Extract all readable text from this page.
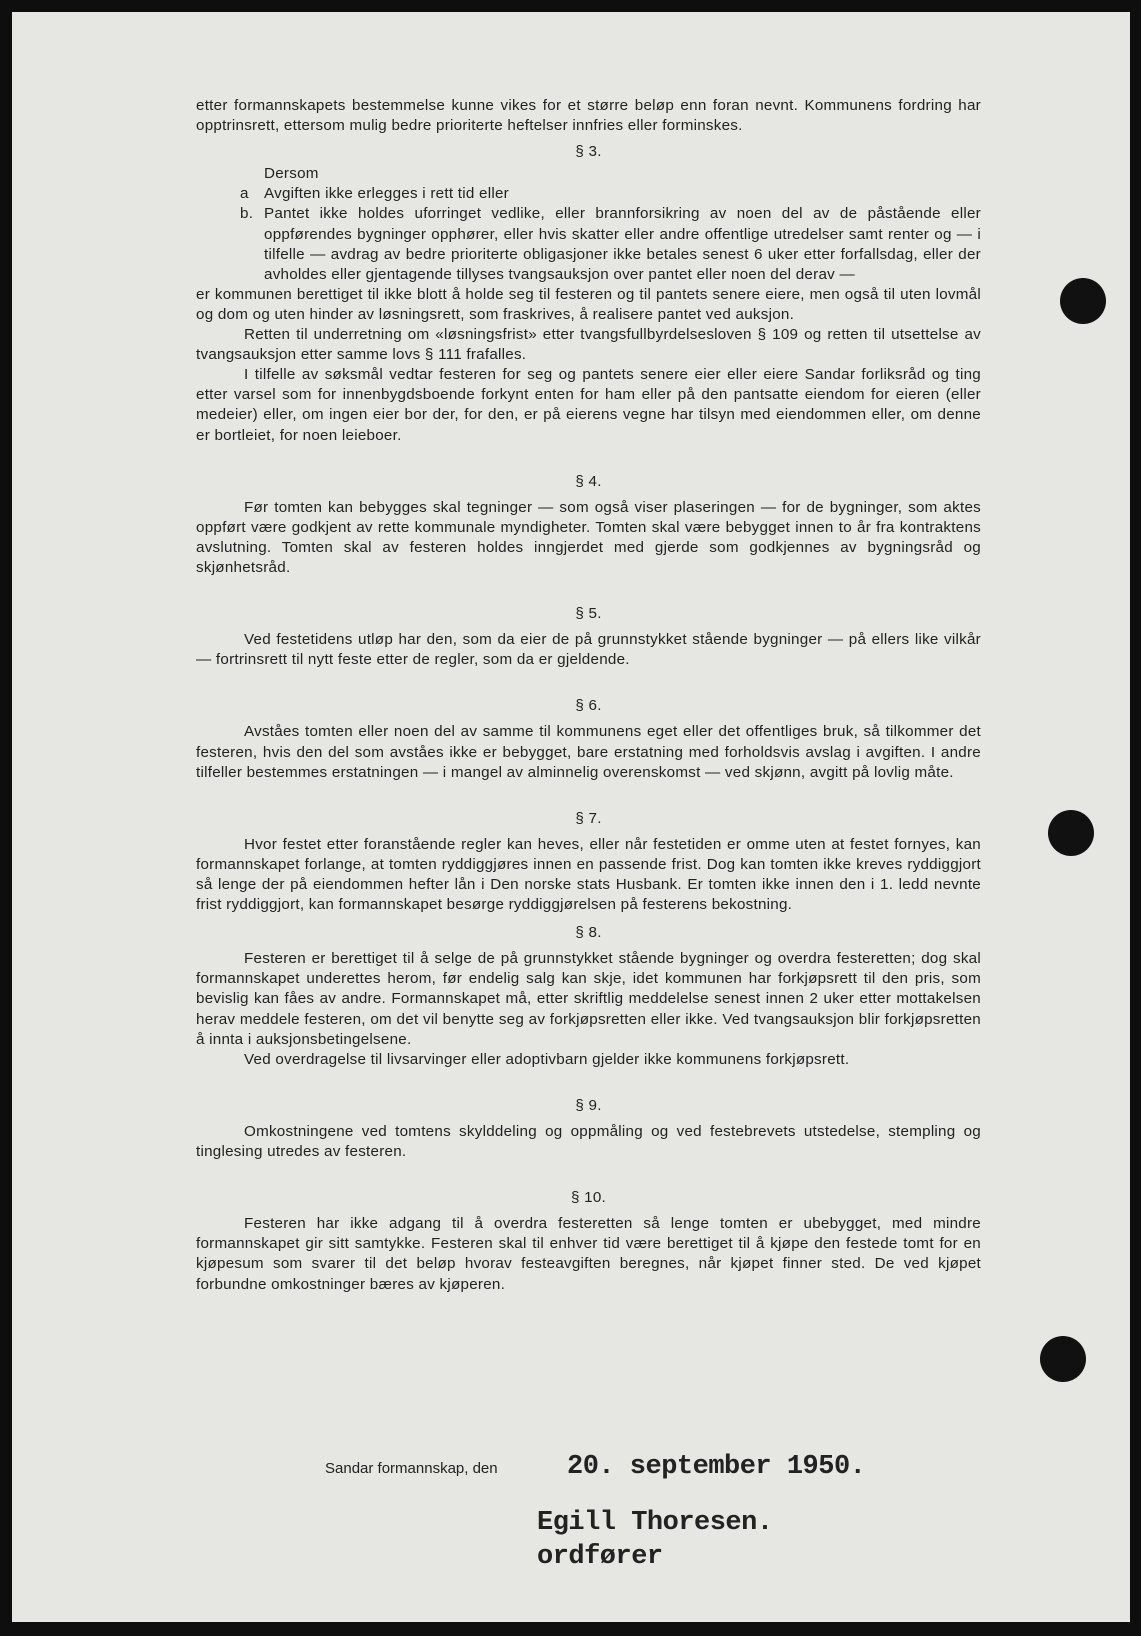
etter formannskapets bestemmelse kunne vikes for et større beløp enn foran nevnt. Kommunens fordring har opptrinsrett, ettersom mulig bedre prioriterte heftelser innfries eller forminskes.

§ 3.
Dersom
a	Avgiften ikke erlegges i rett tid eller
b. Pantet ikke holdes uforringet vedlike, eller brannforsikring av noen del av de påstående eller oppførendes bygninger opphører, eller hvis skatter eller andre offentlige utredelser samt renter og — i tilfelle — avdrag av bedre prioriterte obligasjoner ikke betales senest 6 uker etter forfallsdag, eller der avholdes eller gjentagende tillyses tvangsauksjon over pantet eller noen del derav —

er kommunen berettiget til ikke blott å holde seg til festeren og til pantets senere eiere, men også til uten lovmål og dom og uten hinder av løsningsrett, som fraskrives, å realisere pantet ved auksjon.

Retten til underretning om «løsningsfrist» etter tvangsfullbyrdelsesloven § 109 og retten til utsettelse av tvangsauksjon etter samme lovs § 111 frafalles.

I tilfelle av søksmål vedtar festeren for seg og pantets senere eier eller eiere Sandar forliksråd og ting etter varsel som for innenbygdsboende forkynt enten for ham eller på den pantsatte eiendom for eieren (eller medeier) eller, om ingen eier bor der, for den, er på eierens vegne har tilsyn med eiendommen eller, om denne er bortleiet, for noen leieboer.

§ 4.

Før tomten kan bebygges skal tegninger — som også viser plaseringen — for de bygninger, som aktes oppført være godkjent av rette kommunale myndigheter. Tomten skal være bebygget innen to år fra kontraktens avslutning. Tomten skal av festeren holdes inngjerdet med gjerde som godkjennes av bygningsråd og skjønhetsråd.

§ 5.

Ved festetidens utløp har den, som da eier de på grunnstykket stående bygninger — på ellers like vilkår — fortrinsrett til nytt feste etter de regler, som da er gjeldende.

§ 6.

Avståes tomten eller noen del av samme til kommunens eget eller det offentliges bruk, så tilkommer det festeren, hvis den del som avståes ikke er bebygget, bare erstatning med forholdsvis avslag i avgiften. I andre tilfeller bestemmes erstatningen — i mangel av alminnelig overenskomst — ved skjønn, avgitt på lovlig måte.

§ 7.

Hvor festet etter foranstående regler kan heves, eller når festetiden er omme uten at festet fornyes, kan formannskapet forlange, at tomten ryddiggjøres innen en passende frist. Dog kan tomten ikke kreves ryddiggjort så lenge der på eiendommen hefter lån i Den norske stats Husbank. Er tomten ikke innen den i 1. ledd nevnte frist ryddiggjort, kan formannskapet besørge ryddiggjørelsen på festerens bekostning.

§ 8.

Festeren er berettiget til å selge de på grunnstykket stående bygninger og overdra festeretten; dog skal formannskapet underettes herom, før endelig salg kan skje, idet kommunen har forkjøpsrett til den pris, som bevislig kan fåes av andre. Formannskapet må, etter skriftlig meddelelse senest innen 2 uker etter mottakelsen herav meddele festeren, om det vil benytte seg av forkjøpsretten eller ikke. Ved tvangsauksjon blir forkjøpsretten å innta i auksjonsbetingelsene.

Ved overdragelse til livsarvinger eller adoptivbarn gjelder ikke kommunens forkjøpsrett.

§ 9.

Omkostningene ved tomtens skylddeling og oppmåling og ved festebrevets utstedelse, stempling og tinglesing utredes av festeren.

§ 10.

Festeren har ikke adgang til å overdra festeretten så lenge tomten er ubebygget, med mindre formannskapet gir sitt samtykke. Festeren skal til enhver tid være berettiget til å kjøpe den festede tomt for en kjøpesum som svarer til det beløp hvorav festeavgiften beregnes, når kjøpet finner sted. De ved kjøpet forbundne omkostninger bæres av kjøperen.

Sandar formannskap, den	20. september 1950.
Egill Thoresen.
ordfører
